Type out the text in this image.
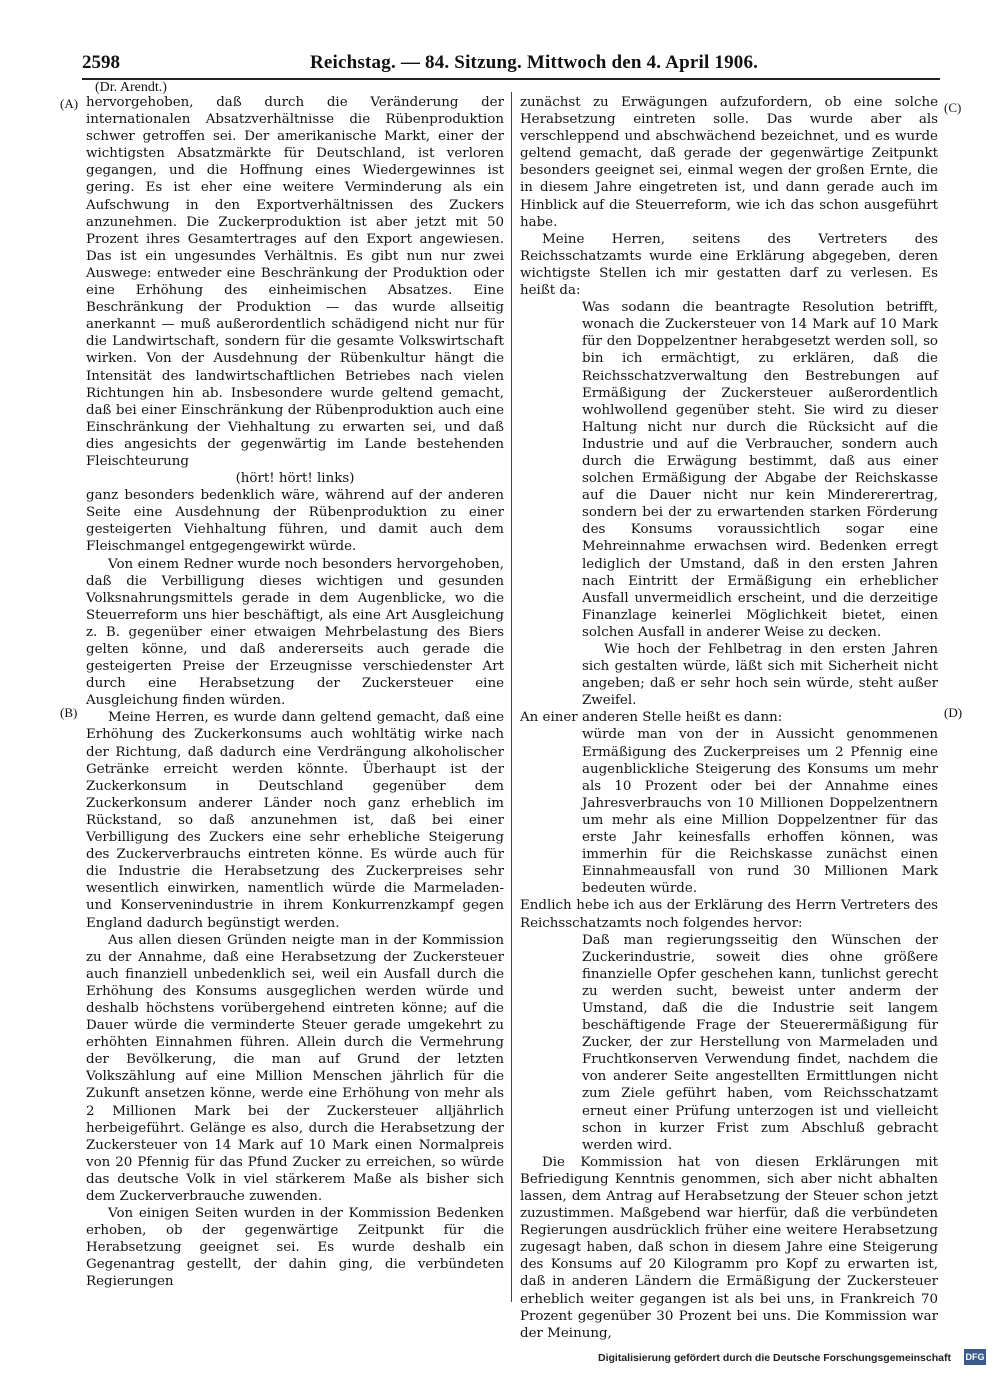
2598	Reichstag. — 84. Sitzung. Mittwoch den 4. April 1906.
(Dr. Arendt.)
(A)
(B)
(C)
(D)

hervorgehoben, daß durch die Veränderung der internationalen Absatzverhältnisse die Rübenproduktion schwer getroffen sei. Der amerikanische Markt, einer der wichtigsten Absatzmärkte für Deutschland, ist verloren gegangen, und die Hoffnung eines Wiedergewinnes ist gering. Es ist eher eine weitere Verminderung als ein Aufschwung in den Exportverhältnissen des Zuckers anzunehmen. Die Zuckerproduktion ist aber jetzt mit 50 Prozent ihres Gesamtertrages auf den Export angewiesen. Das ist ein ungesundes Verhältnis. Es gibt nun nur zwei Auswege: entweder eine Beschränkung der Produktion oder eine Erhöhung des einheimischen Absatzes. Eine Beschränkung der Produktion — das wurde allseitig anerkannt — muß außerordentlich schädigend nicht nur für die Landwirtschaft, sondern für die gesamte Volkswirtschaft wirken. Von der Ausdehnung der Rübenkultur hängt die Intensität des landwirtschaftlichen Betriebes nach vielen Richtungen hin ab. Insbesondere wurde geltend gemacht, daß bei einer Einschränkung der Rübenproduktion auch eine Einschränkung der Viehhaltung zu erwarten sei, und daß dies angesichts der gegenwärtig im Lande bestehenden Fleischteurung

(hört! hört! links)

ganz besonders bedenklich wäre, während auf der anderen Seite eine Ausdehnung der Rübenproduktion zu einer gesteigerten Viehhaltung führen, und damit auch dem Fleischmangel entgegengewirkt würde.

Von einem Redner wurde noch besonders hervorgehoben, daß die Verbilligung dieses wichtigen und gesunden Volksnahrungsmittels gerade in dem Augenblicke, wo die Steuerreform uns hier beschäftigt, als eine Art Ausgleichung z. B. gegenüber einer etwaigen Mehrbelastung des Biers gelten könne, und daß andererseits auch gerade die gesteigerten Preise der Erzeugnisse verschiedenster Art durch eine Herabsetzung der Zuckersteuer eine Ausgleichung finden würden.

Meine Herren, es wurde dann geltend gemacht, daß eine Erhöhung des Zuckerkonsums auch wohltätig wirke nach der Richtung, daß dadurch eine Verdrängung alkoholischer Getränke erreicht werden könnte. Überhaupt ist der Zuckerkonsum in Deutschland gegenüber dem Zuckerkonsum anderer Länder noch ganz erheblich im Rückstand, so daß anzunehmen ist, daß bei einer Verbilligung des Zuckers eine sehr erhebliche Steigerung des Zuckerverbrauchs eintreten könne. Es würde auch für die Industrie die Herabsetzung des Zuckerpreises sehr wesentlich einwirken, namentlich würde die Marmeladen- und Konservenindustrie in ihrem Konkurrenzkampf gegen England dadurch begünstigt werden.

Aus allen diesen Gründen neigte man in der Kommission zu der Annahme, daß eine Herabsetzung der Zuckersteuer auch finanziell unbedenklich sei, weil ein Ausfall durch die Erhöhung des Konsums ausgeglichen werden würde und deshalb höchstens vorübergehend eintreten könne; auf die Dauer würde die verminderte Steuer gerade umgekehrt zu erhöhten Einnahmen führen. Allein durch die Vermehrung der Bevölkerung, die man auf Grund der letzten Volkszählung auf eine Million Menschen jährlich für die Zukunft ansetzen könne, werde eine Erhöhung von mehr als 2 Millionen Mark bei der Zuckersteuer alljährlich herbeigeführt. Gelänge es also, durch die Herabsetzung der Zuckersteuer von 14 Mark auf 10 Mark einen Normalpreis von 20 Pfennig für das Pfund Zucker zu erreichen, so würde das deutsche Volk in viel stärkerem Maße als bisher sich dem Zuckerverbrauche zuwenden.

Von einigen Seiten wurden in der Kommission Bedenken erhoben, ob der gegenwärtige Zeitpunkt für die Herabsetzung geeignet sei. Es wurde deshalb ein Gegenantrag gestellt, der dahin ging, die verbündeten Regierungen

zunächst zu Erwägungen aufzufordern, ob eine solche Herabsetzung eintreten solle. Das wurde aber als verschleppend und abschwächend bezeichnet, und es wurde geltend gemacht, daß gerade der gegenwärtige Zeitpunkt besonders geeignet sei, einmal wegen der großen Ernte, die in diesem Jahre eingetreten ist, und dann gerade auch im Hinblick auf die Steuerreform, wie ich das schon ausgeführt habe.

Meine Herren, seitens des Vertreters des Reichsschatzamts wurde eine Erklärung abgegeben, deren wichtigste Stellen ich mir gestatten darf zu verlesen. Es heißt da:

Was sodann die beantragte Resolution betrifft, wonach die Zuckersteuer von 14 Mark auf 10 Mark für den Doppelzentner herabgesetzt werden soll, so bin ich ermächtigt, zu erklären, daß die Reichsschatzverwaltung den Bestrebungen auf Ermäßigung der Zuckersteuer außerordentlich wohlwollend gegenüber steht. Sie wird zu dieser Haltung nicht nur durch die Rücksicht auf die Industrie und auf die Verbraucher, sondern auch durch die Erwägung bestimmt, daß aus einer solchen Ermäßigung der Abgabe der Reichskasse auf die Dauer nicht nur kein Mindererertrag, sondern bei der zu erwartenden starken Förderung des Konsums voraussichtlich sogar eine Mehreinnahme erwachsen wird. Bedenken erregt lediglich der Umstand, daß in den ersten Jahren nach Eintritt der Ermäßigung ein erheblicher Ausfall unvermeidlich erscheint, und die derzeitige Finanzlage keinerlei Möglichkeit bietet, einen solchen Ausfall in anderer Weise zu decken.

Wie hoch der Fehlbetrag in den ersten Jahren sich gestalten würde, läßt sich mit Sicherheit nicht angeben; daß er sehr hoch sein würde, steht außer Zweifel.

An einer anderen Stelle heißt es dann:

würde man von der in Aussicht genommenen Ermäßigung des Zuckerpreises um 2 Pfennig eine augenblickliche Steigerung des Konsums um mehr als 10 Prozent oder bei der Annahme eines Jahresverbrauchs von 10 Millionen Doppelzentnern um mehr als eine Million Doppelzentner für das erste Jahr keinesfalls erhoffen können, was immerhin für die Reichskasse zunächst einen Einnahmeausfall von rund 30 Millionen Mark bedeuten würde.

Endlich hebe ich aus der Erklärung des Herrn Vertreters des Reichsschatzamts noch folgendes hervor:

Daß man regierungsseitig den Wünschen der Zuckerindustrie, soweit dies ohne größere finanzielle Opfer geschehen kann, tunlichst gerecht zu werden sucht, beweist unter anderm der Umstand, daß die die Industrie seit langem beschäftigende Frage der Steuerermäßigung für Zucker, der zur Herstellung von Marmeladen und Fruchtkonserven Verwendung findet, nachdem die von anderer Seite angestellten Ermittlungen nicht zum Ziele geführt haben, vom Reichsschatzamt erneut einer Prüfung unterzogen ist und vielleicht schon in kurzer Frist zum Abschluß gebracht werden wird.

Die Kommission hat von diesen Erklärungen mit Befriedigung Kenntnis genommen, sich aber nicht abhalten lassen, dem Antrag auf Herabsetzung der Steuer schon jetzt zuzustimmen. Maßgebend war hierfür, daß die verbündeten Regierungen ausdrücklich früher eine weitere Herabsetzung zugesagt haben, daß schon in diesem Jahre eine Steigerung des Konsums auf 20 Kilogramm pro Kopf zu erwarten ist, daß in anderen Ländern die Ermäßigung der Zuckersteuer erheblich weiter gegangen ist als bei uns, in Frankreich 70 Prozent gegenüber 30 Prozent bei uns. Die Kommission war der Meinung,

Digitalisierung gefördert durch die Deutsche Forschungsgemeinschaft DFG
